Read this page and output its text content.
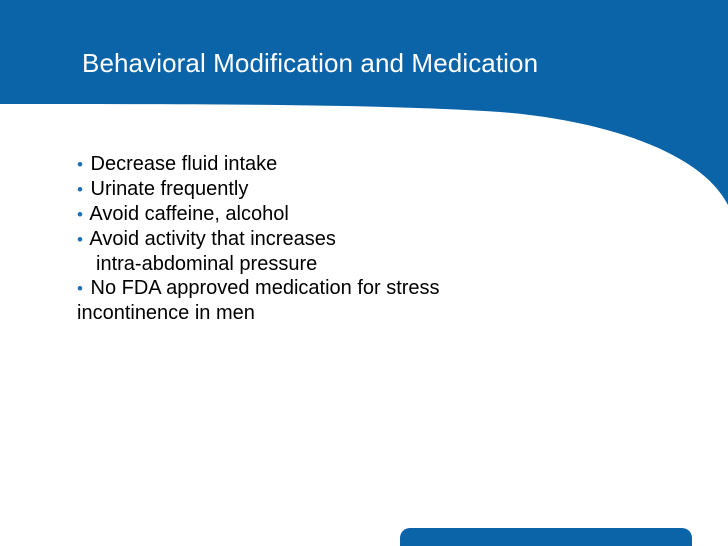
Behavioral Modification and Medication
• Decrease fluid intake
• Urinate frequently
• Avoid caffeine, alcohol
• Avoid activity that increases
intra-abdominal pressure
• No FDA approved medication for stress incontinence in men
